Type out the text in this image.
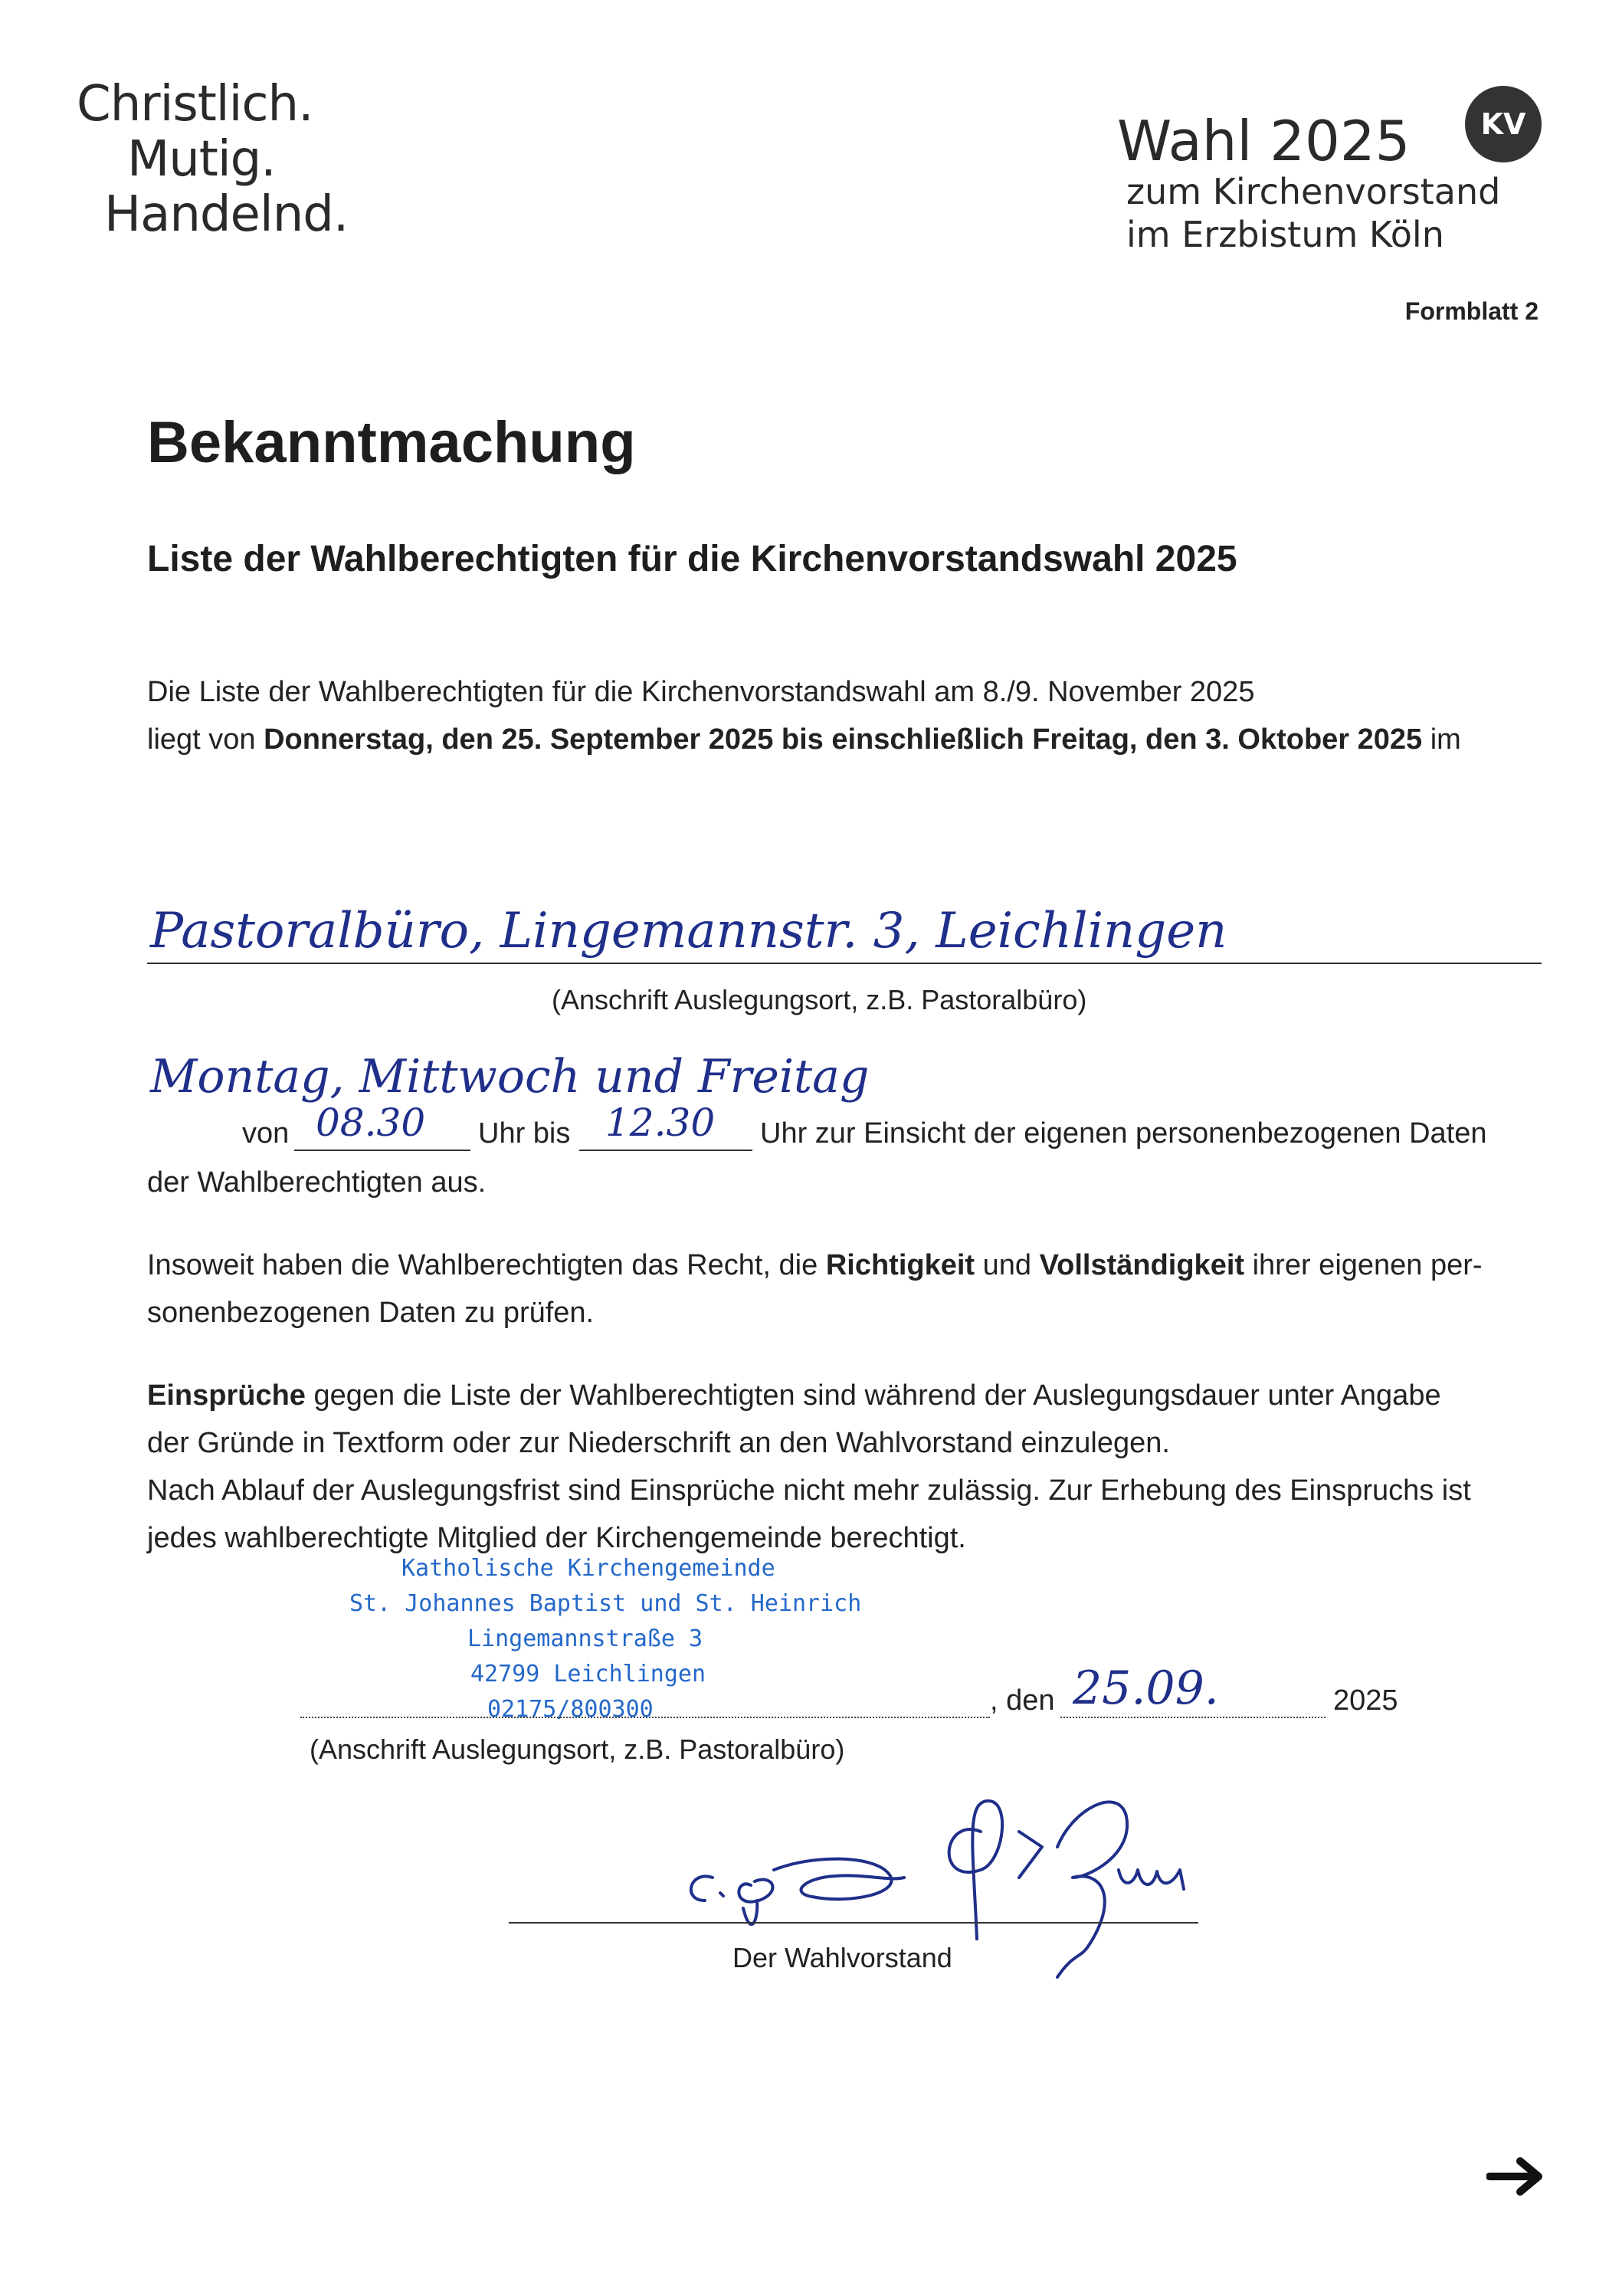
Christlich.
Mutig.
Handelnd.
Wahl 2025	KV
zum Kirchenvorstand
im Erzbistum Köln
Formblatt 2
Bekanntmachung
Liste der Wahlberechtigten für die Kirchenvorstandswahl 2025
Die Liste der Wahlberechtigten für die Kirchenvorstandswahl am 8./9. November 2025
liegt von Donnerstag, den 25. September 2025 bis einschließlich Freitag, den 3. Oktober 2025 im
Pastoralbüro, Lingemannstr. 3, Leichlingen
(Anschrift Auslegungsort, z.B. Pastoralbüro)
Montag, Mittwoch und Freitag
von 08.30 Uhr bis 12.30 Uhr zur Einsicht der eigenen personenbezogenen Daten
der Wahlberechtigten aus.
Insoweit haben die Wahlberechtigten das Recht, die Richtigkeit und Vollständigkeit ihrer eigenen per-
sonenbezogenen Daten zu prüfen.
Einsprüche gegen die Liste der Wahlberechtigten sind während der Auslegungsdauer unter Angabe
der Gründe in Textform oder zur Niederschrift an den Wahlvorstand einzulegen.
Nach Ablauf der Auslegungsfrist sind Einsprüche nicht mehr zulässig. Zur Erhebung des Einspruchs ist
jedes wahlberechtigte Mitglied der Kirchengemeinde berechtigt.
Katholische Kirchengemeinde
St. Johannes Baptist und St. Heinrich
Lingemannstraße 3
42799 Leichlingen
02175/800300	, den 25.09.	2025
(Anschrift Auslegungsort, z.B. Pastoralbüro)
Der Wahlvorstand
